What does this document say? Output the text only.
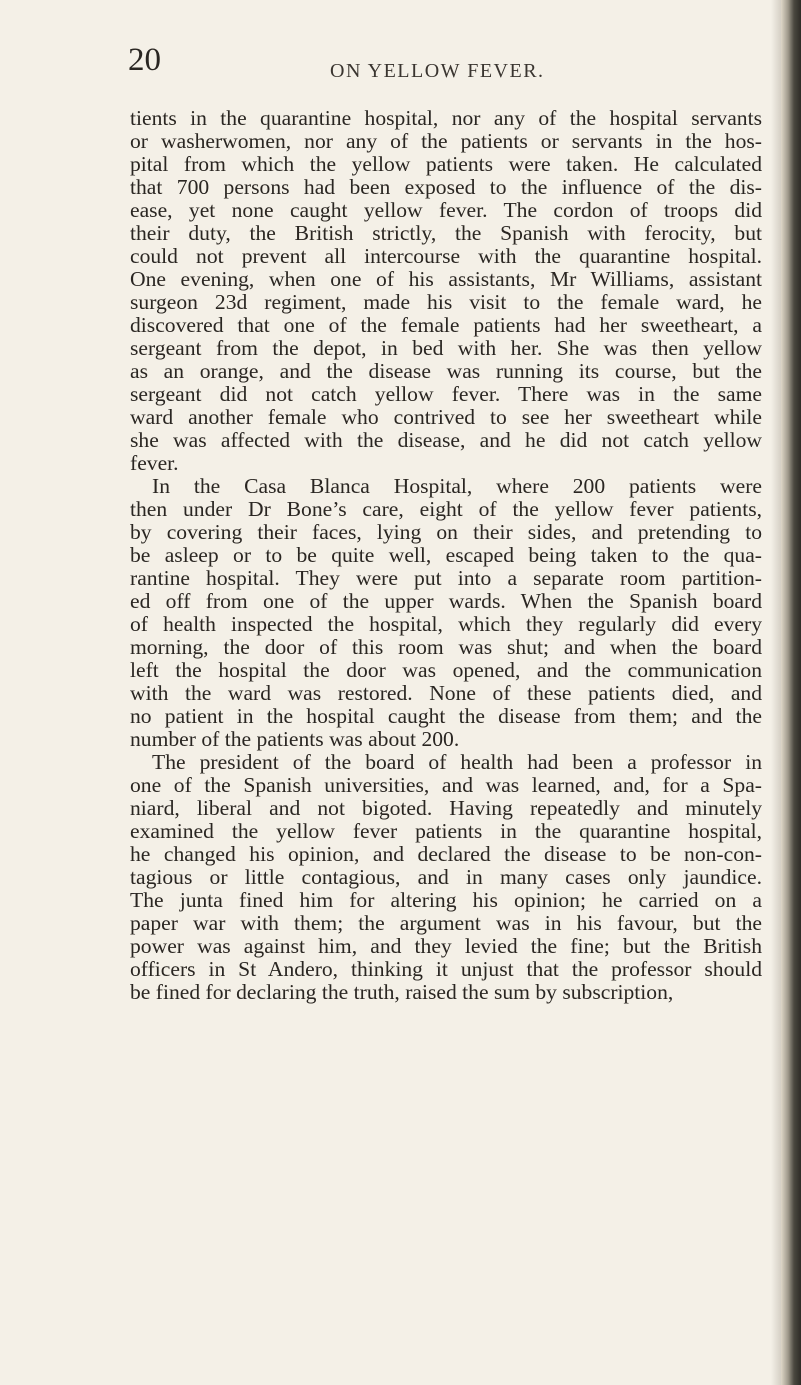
20	ON YELLOW FEVER.
tients in the quarantine hospital, nor any of the hospital servants
or washerwomen, nor any of the patients or servants in the hos-
pital from which the yellow patients were taken. He calculated
that 700 persons had been exposed to the influence of the dis-
ease, yet none caught yellow fever. The cordon of troops did
their duty, the British strictly, the Spanish with ferocity, but
could not prevent all intercourse with the quarantine hospital.
One evening, when one of his assistants, Mr Williams, assistant
surgeon 23d regiment, made his visit to the female ward, he
discovered that one of the female patients had her sweetheart, a
sergeant from the depot, in bed with her. She was then yellow
as an orange, and the disease was running its course, but the
sergeant did not catch yellow fever. There was in the same
ward another female who contrived to see her sweetheart while
she was affected with the disease, and he did not catch yellow
fever.
In the Casa Blanca Hospital, where 200 patients were
then under Dr Bone’s care, eight of the yellow fever patients,
by covering their faces, lying on their sides, and pretending to
be asleep or to be quite well, escaped being taken to the qua-
rantine hospital. They were put into a separate room partition-
ed off from one of the upper wards. When the Spanish board
of health inspected the hospital, which they regularly did every
morning, the door of this room was shut; and when the board
left the hospital the door was opened, and the communication
with the ward was restored. None of these patients died, and
no patient in the hospital caught the disease from them; and the
number of the patients was about 200.
The president of the board of health had been a professor in
one of the Spanish universities, and was learned, and, for a Spa-
niard, liberal and not bigoted. Having repeatedly and minutely
examined the yellow fever patients in the quarantine hospital,
he changed his opinion, and declared the disease to be non-con-
tagious or little contagious, and in many cases only jaundice.
The junta fined him for altering his opinion; he carried on a
paper war with them; the argument was in his favour, but the
power was against him, and they levied the fine; but the British
officers in St Andero, thinking it unjust that the professor should
be fined for declaring the truth, raised the sum by subscription,
